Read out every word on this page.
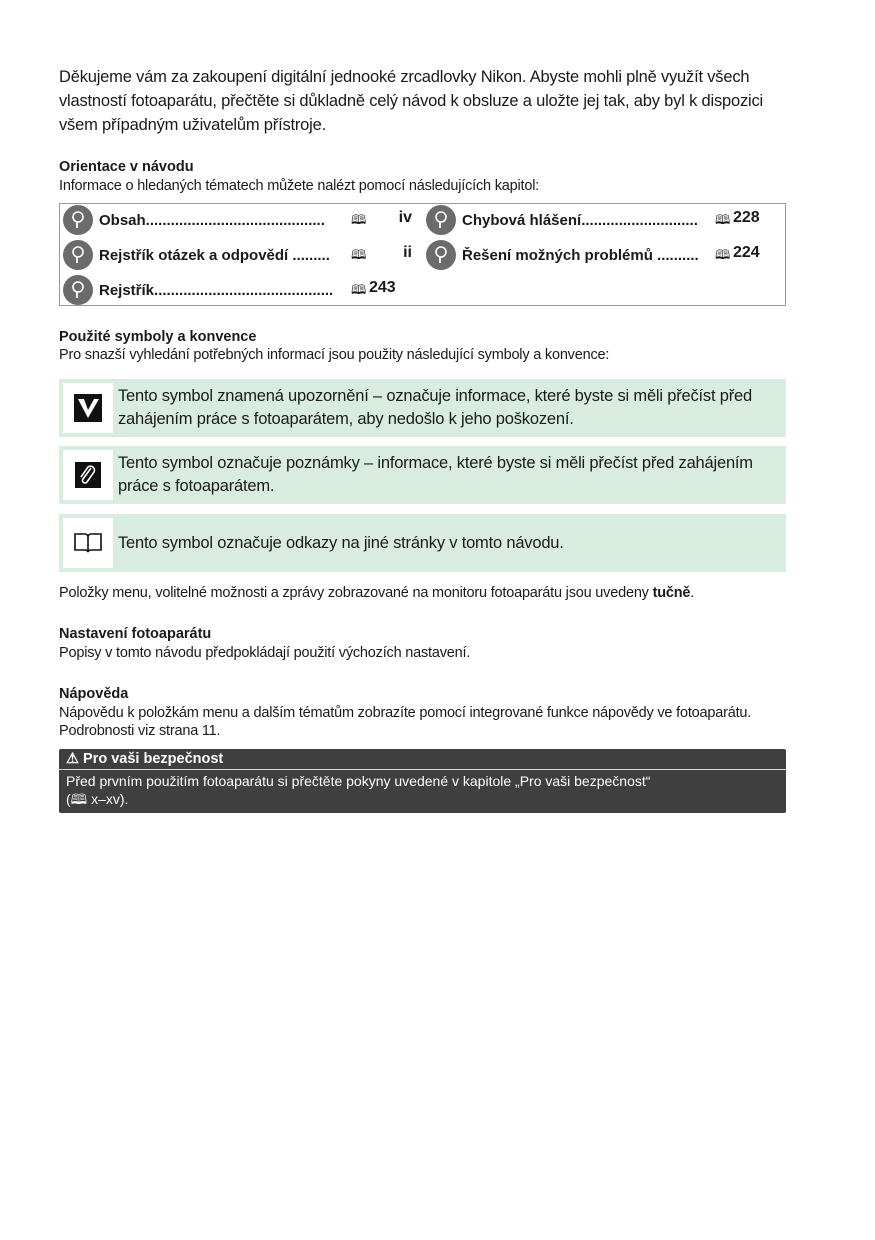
Děkujeme vám za zakoupení digitální jednooké zrcadlovky Nikon. Abyste mohli plně využít všech vlastností fotoaparátu, přečtěte si důkladně celý návod k obsluze a uložte jej tak, aby byl k dispozici všem případným uživatelům přístroje.

Orientace v návodu
Informace o hledaných tématech můžete nalézt pomocí následujících kapitol:
Obsah...........................................	🕮	iv
Rejstřík otázek a odpovědí .........	🕮	ii
Rejstřík...........................................	🕮 243
Chybová hlášení............................	🕮 228
Řešení možných problémů ..........	🕮 224
Použité symboly a konvence
Pro snazší vyhledání potřebných informací jsou použity následující symboly a konvence:
Tento symbol znamená upozornění – označuje informace, které byste si měli přečíst před zahájením práce s fotoaparátem, aby nedošlo k jeho poškození.
Tento symbol označuje poznámky – informace, které byste si měli přečíst před zahájením práce s fotoaparátem.
Tento symbol označuje odkazy na jiné stránky v tomto návodu.
Položky menu, volitelné možnosti a zprávy zobrazované na monitoru fotoaparátu jsou uvedeny tučně.
Nastavení fotoaparátu
Popisy v tomto návodu předpokládají použití výchozích nastavení.
Nápověda
Nápovědu k položkám menu a dalším tématům zobrazíte pomocí integrované funkce nápovědy ve fotoaparátu. Podrobnosti viz strana 11.
⚠ Pro vaši bezpečnost
Před prvním použitím fotoaparátu si přečtěte pokyny uvedené v kapitole „Pro vaši bezpečnost“
(🕮 x–xv).
